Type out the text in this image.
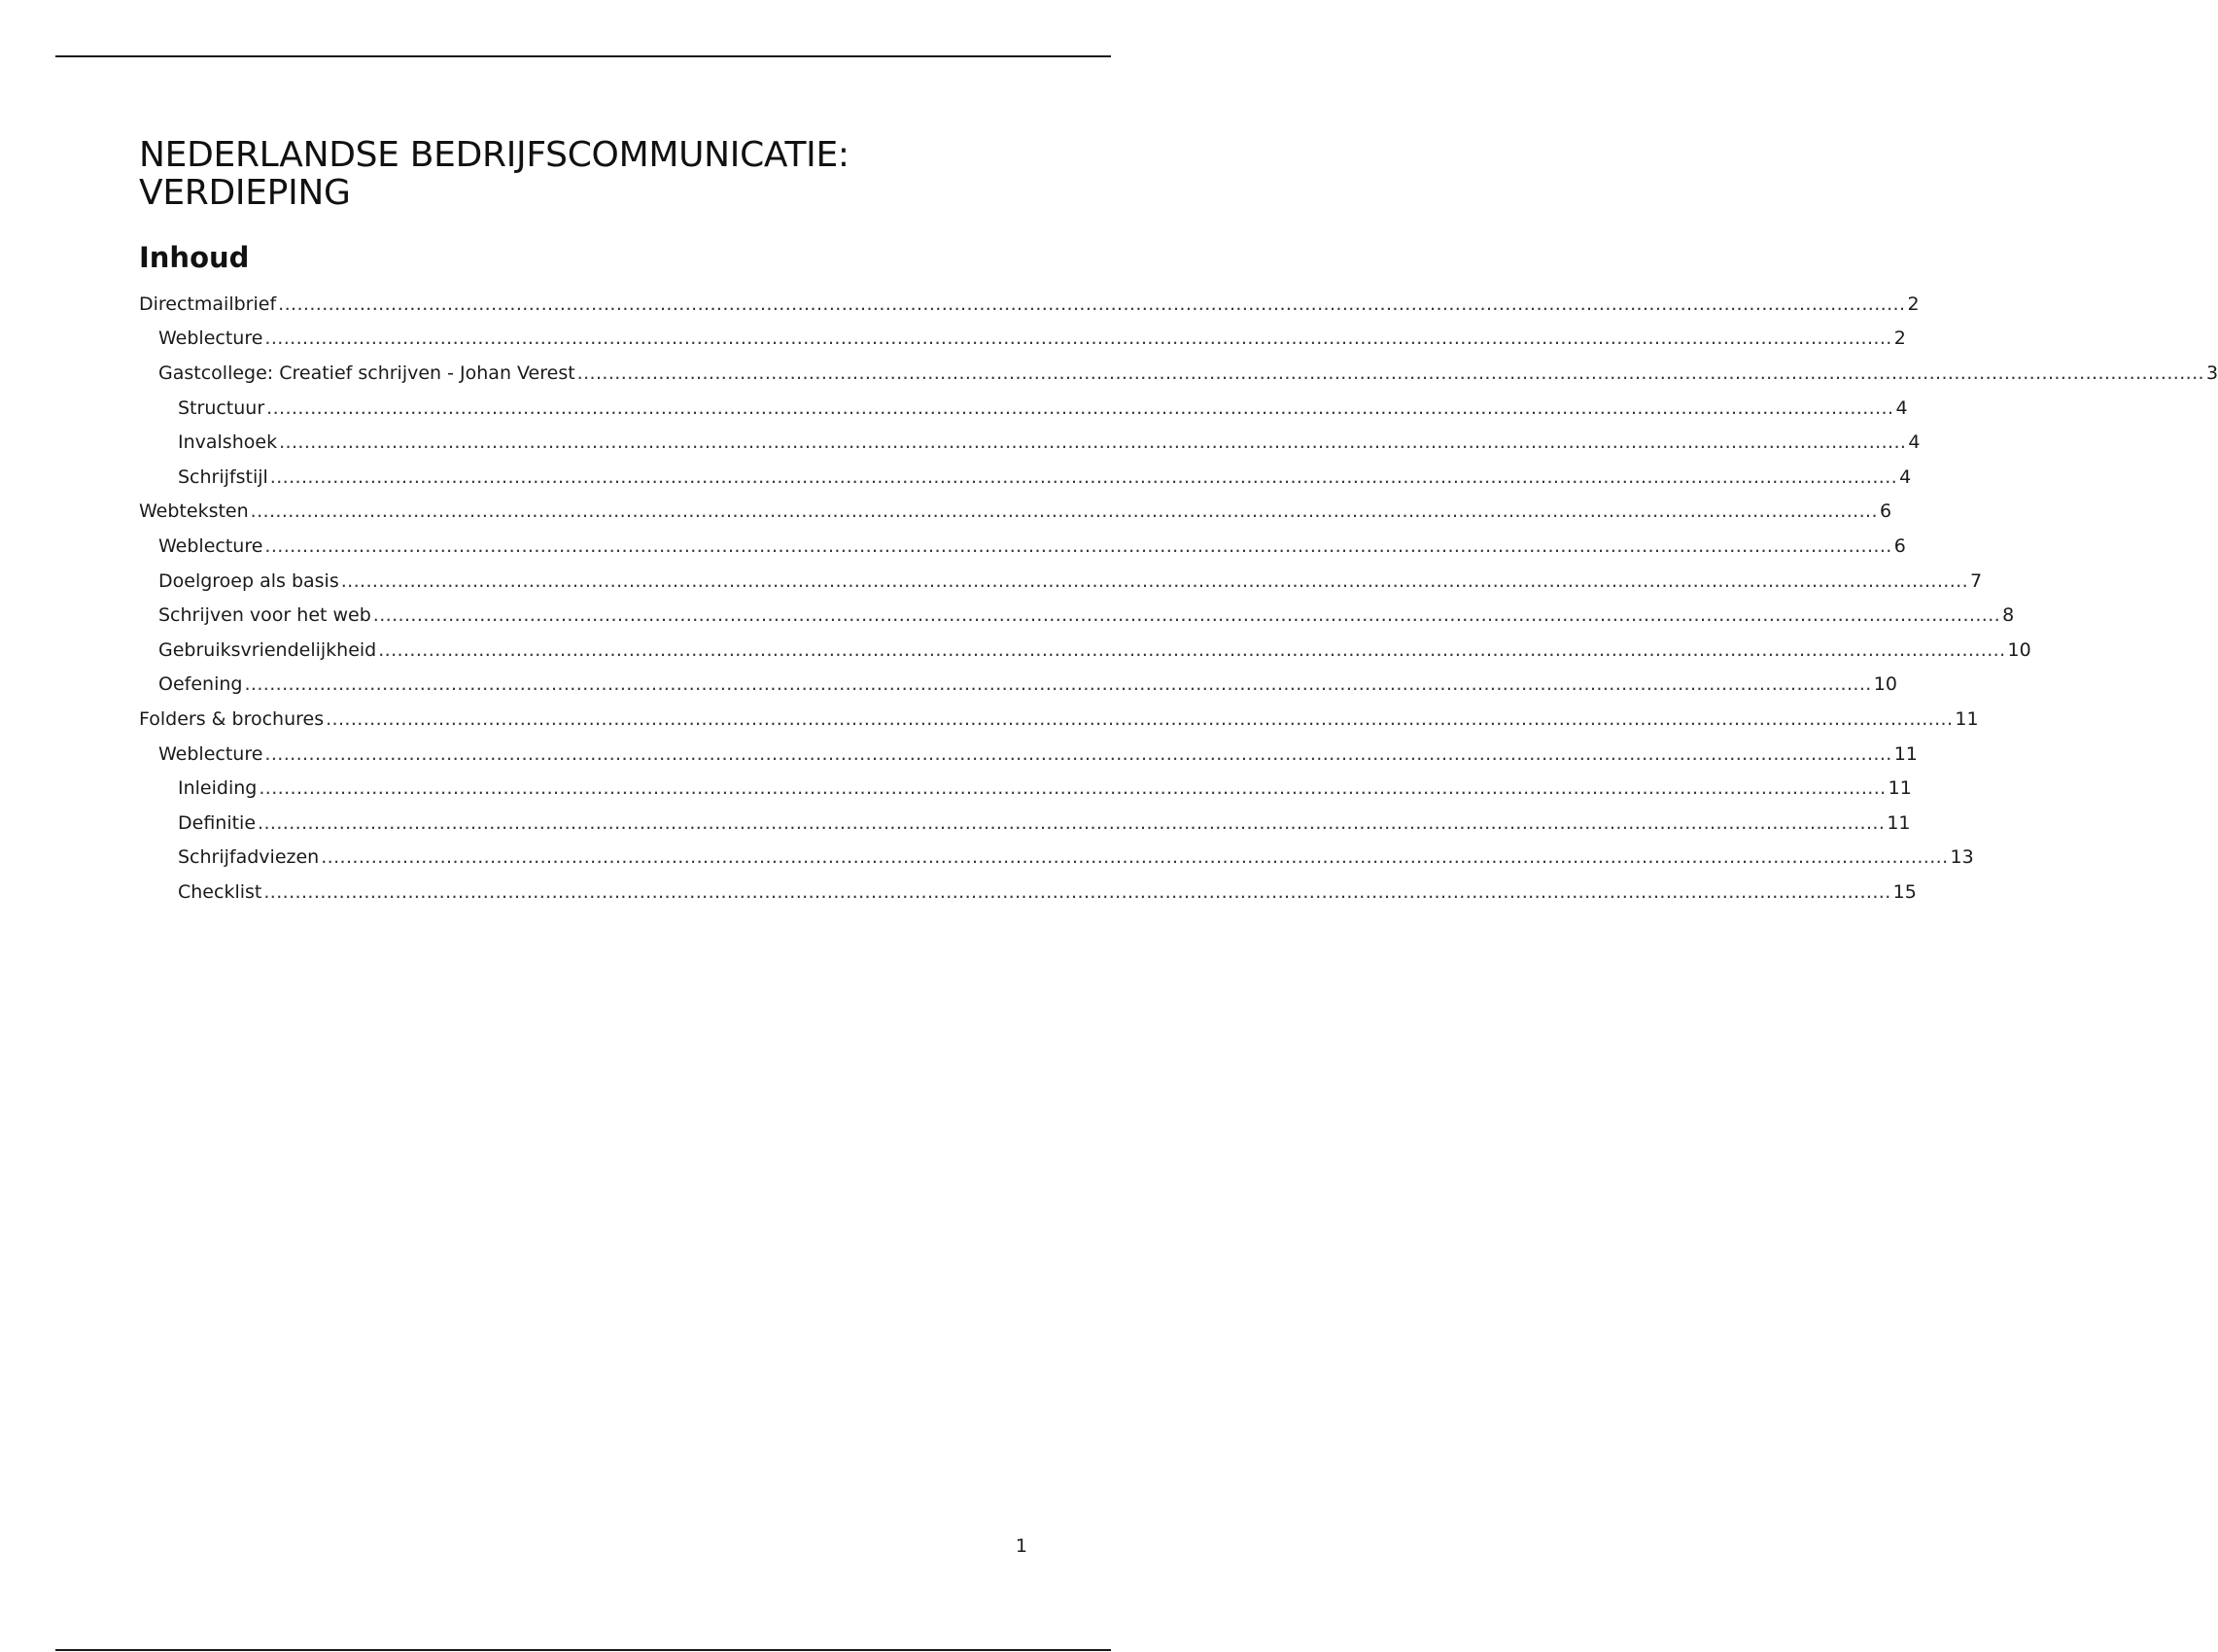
NEDERLANDSE BEDRIJFSCOMMUNICATIE: VERDIEPING
Inhoud
Directmailbrief .................................................................................................................................................................................................................................................................... 2
Weblecture .................................................................................................................................................................................................................................................................... 2
Gastcollege: Creatief schrijven - Johan Verest .................................................................................................................................................................................................................................................................... 3
Structuur .................................................................................................................................................................................................................................................................... 4
Invalshoek .................................................................................................................................................................................................................................................................... 4
Schrijfstijl .................................................................................................................................................................................................................................................................... 4
Webteksten .................................................................................................................................................................................................................................................................... 6
Weblecture .................................................................................................................................................................................................................................................................... 6
Doelgroep als basis .................................................................................................................................................................................................................................................................... 7
Schrijven voor het web .................................................................................................................................................................................................................................................................... 8
Gebruiksvriendelijkheid .................................................................................................................................................................................................................................................................... 10
Oefening .................................................................................................................................................................................................................................................................... 10
Folders & brochures .................................................................................................................................................................................................................................................................... 11
Weblecture .................................................................................................................................................................................................................................................................... 11
Inleiding .................................................................................................................................................................................................................................................................... 11
Definitie .................................................................................................................................................................................................................................................................... 11
Schrijfadviezen .................................................................................................................................................................................................................................................................... 13
Checklist .................................................................................................................................................................................................................................................................... 15
1
